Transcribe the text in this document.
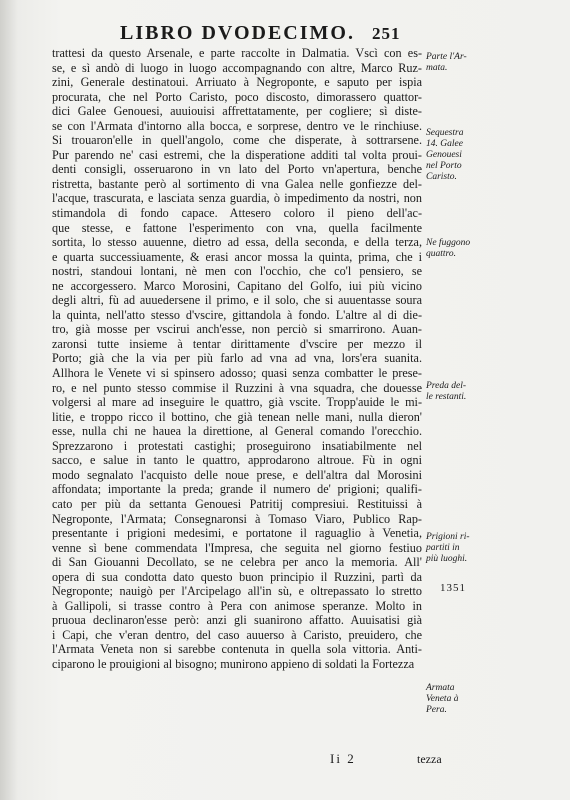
LIBRO DVODECIMO. 251
trattesi da questo Arsenale, e parte raccolte in Dalmatia. Vscì con es-
se, e sì andò di luogo in luogo accompagnando con altre, Marco Ruz-
zini, Generale destinatoui. Arriuato à Negroponte, e saputo per ispia
procurata, che nel Porto Caristo, poco discosto, dimorassero quattor-
dici Galee Genouesi, auuiouisi affrettatamente, per cogliere; sì diste-
se con l'Armata d'intorno alla bocca, e sorprese, dentro ve le rinchiuse.
Si trouaron'elle in quell'angolo, come che disperate, à sottrarsene.
Pur parendo ne' casi estremi, che la disperatione additi tal volta proui-
denti consigli, osseruarono in vn lato del Porto vn'apertura, benche
ristretta, bastante però al sortimento di vna Galea nelle gonfiezze del-
l'acque, trascurata, e lasciata senza guardia, ò impedimento da nostri, non
stimandola di fondo capace. Attesero coloro il pieno dell'ac-
que stesse, e fattone l'esperimento con vna, quella facilmente
sortita, lo stesso auuenne, dietro ad essa, della seconda, e della terza,
e quarta successiuamente, & erasi ancor mossa la quinta, prima, che i
nostri, standoui lontani, nè men con l'occhio, che co'l pensiero, se
ne accorgessero. Marco Morosini, Capitano del Golfo, iui più vicino
degli altri, fù ad auuedersene il primo, e il solo, che si auuentasse soura
la quinta, nell'atto stesso d'vscire, gittandola à fondo. L'altre al di die-
tro, già mosse per vscirui anch'esse, non perciò si smarrirono. Auan-
zaronsi tutte insieme à tentar dirittamente d'vscire per mezzo il
Porto; già che la via per più farlo ad vna ad vna, lors'era suanita.
Allhora le Venete vi si spinsero adosso; quasi senza combatter le prese-
ro, e nel punto stesso commise il Ruzzini à vna squadra, che douesse
volgersi al mare ad inseguire le quattro, già vscite. Tropp'auide le mi-
litie, e troppo ricco il bottino, che già tenean nelle mani, nulla dieron'
esse, nulla chi ne hauea la direttione, al General comando l'orecchio.
Sprezzarono i protestati castighi; proseguirono insatiabilmente nel
sacco, e salue in tanto le quattro, approdarono altroue. Fù in ogni
modo segnalato l'acquisto delle noue prese, e dell'altra dal Morosini
affondata; importante la preda; grande il numero de' prigioni; qualifi-
cato per più da settanta Genouesi Patritij compresiui. Restituissi à
Negroponte, l'Armata; Consegnaronsi à Tomaso Viaro, Publico Rap-
presentante i prigioni medesimi, e portatone il raguaglio à Venetia,
venne sì bene commendata l'Impresa, che seguita nel giorno festiuo
di San Giouanni Decollato, se ne celebra per anco la memoria. All'
opera di sua condotta dato questo buon principio il Ruzzini, partì da
Negroponte; nauigò per l'Arcipelago all'in sù, e oltrepassato lo stretto
à Gallipoli, si trasse contro à Pera con animose speranze. Molto in
pruoua declinaron'esse però: anzi gli suanirono affatto. Auuisatisi già
i Capi, che v'eran dentro, del caso auuerso à Caristo, preuidero, che
l'Armata Veneta non si sarebbe contenuta in quella sola vittoria. Anti-
ciparono le prouigioni al bisogno; munirono appieno di soldati la Fortezza
Parte l'Ar-
mata.
Sequestra
14. Galee
Genouesi
nel Porto
Caristo.
Ne fuggono
quattro.
Preda del-
le restanti.
Prigioni ri-
partiti in
più luoghi.
Armata
Veneta à
Pera.
1351
Ii 2	tezza
